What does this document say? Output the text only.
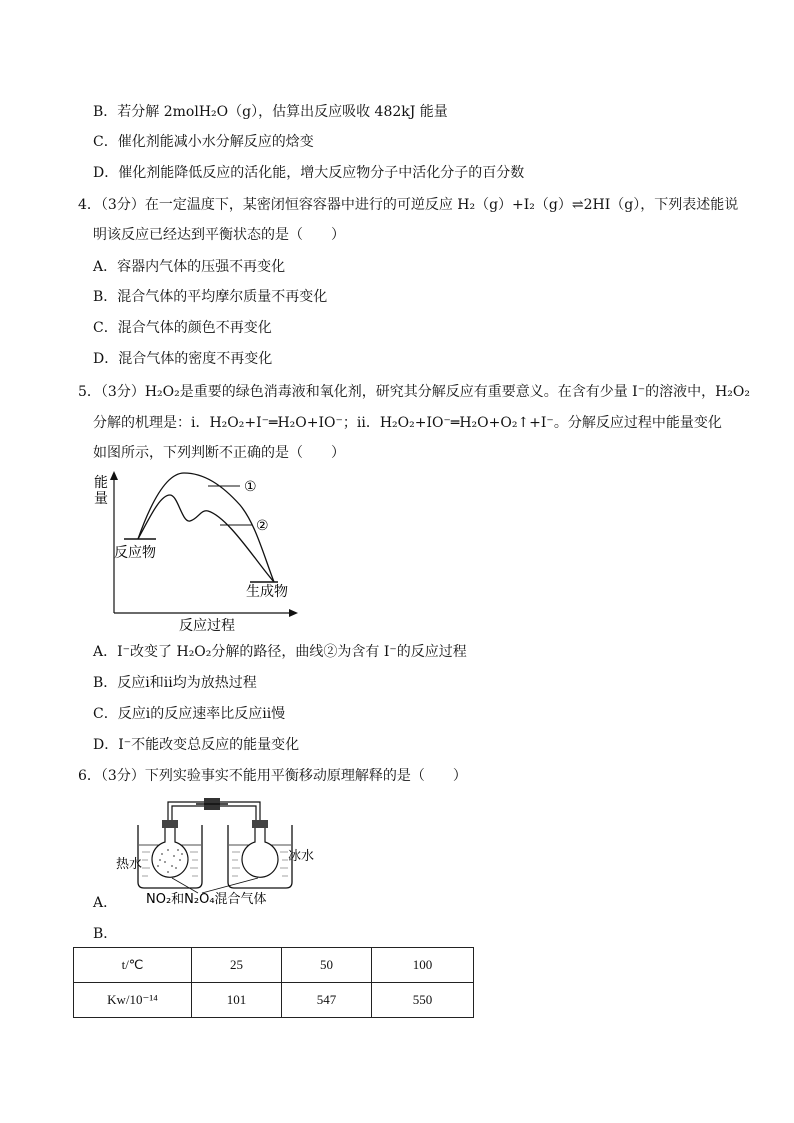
B．若分解 2molH₂O（g），估算出反应吸收 482kJ 能量
C．催化剂能减小水分解反应的焓变
D．催化剂能降低反应的活化能，增大反应物分子中活化分子的百分数
4．（3分）在一定温度下，某密闭恒容容器中进行的可逆反应 H₂（g）+I₂（g）⇌2HI（g），下列表述能说
明该反应已经达到平衡状态的是（　　）
A．容器内气体的压强不再变化
B．混合气体的平均摩尔质量不再变化
C．混合气体的颜色不再变化
D．混合气体的密度不再变化
5．（3分）H₂O₂是重要的绿色消毒液和氧化剂，研究其分解反应有重要意义。在含有少量 I⁻的溶液中，H₂O₂
分解的机理是：ⅰ．H₂O₂+I⁻═H₂O+IO⁻；ⅱ．H₂O₂+IO⁻═H₂O+O₂↑+I⁻。分解反应过程中能量变化
如图所示，下列判断不正确的是（　　）
能
量
①
②
反应物
生成物
反应过程
A．I⁻改变了 H₂O₂分解的路径，曲线②为含有 I⁻的反应过程
B．反应ⅰ和ⅱ均为放热过程
C．反应ⅰ的反应速率比反应ⅱ慢
D．I⁻不能改变总反应的能量变化
6．（3分）下列实验事实不能用平衡移动原理解释的是（　　）
热水
冰水
NO₂和N₂O₄混合气体
A．
B．
t/℃	25	50	100
Kw/10⁻¹⁴	101	547	550
